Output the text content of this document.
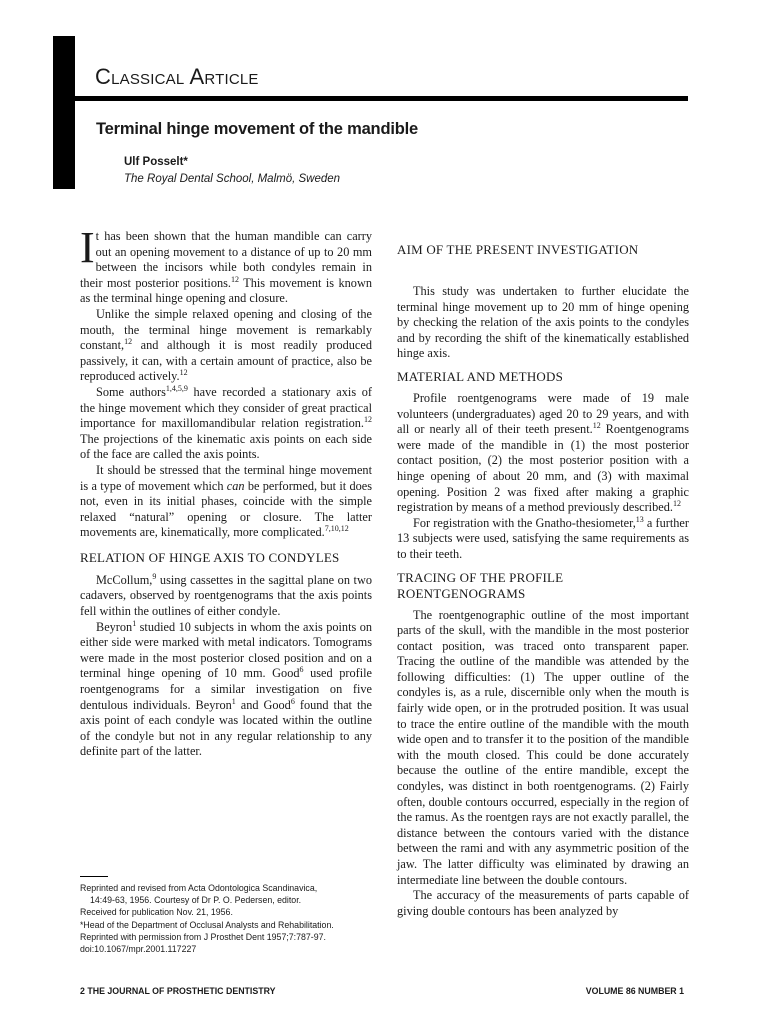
Classical Article
Terminal hinge movement of the mandible
Ulf Posselt*
The Royal Dental School, Malmö, Sweden

It has been shown that the human mandible can carry out an opening movement to a distance of up to 20 mm between the incisors while both condyles remain in their most posterior positions.$^{12}$ This movement is known as the terminal hinge opening and closure.

Unlike the simple relaxed opening and closing of the mouth, the terminal hinge movement is remarkably constant,$^{12}$ and although it is most readily produced passively, it can, with a certain amount of practice, also be reproduced actively.$^{12}$

Some authors$^{1,4,5,9}$ have recorded a stationary axis of the hinge movement which they consider of great practical importance for maxillomandibular relation registration.$^{12}$ The projections of the kinematic axis points on each side of the face are called the axis points.

It should be stressed that the terminal hinge movement is a type of movement which can be performed, but it does not, even in its initial phases, coincide with the simple relaxed “natural” opening or closure. The latter movements are, kinematically, more complicated.$^{7,10,12}$

RELATION OF HINGE AXIS TO CONDYLES

McCollum,$^9$ using cassettes in the sagittal plane on two cadavers, observed by roentgenograms that the axis points fell within the outlines of either condyle.

Beyron$^1$ studied 10 subjects in whom the axis points on either side were marked with metal indicators. Tomograms were made in the most posterior closed position and on a terminal hinge opening of 10 mm. Good$^6$ used profile roentgenograms for a similar investigation on five dentulous individuals. Beyron$^1$ and Good$^6$ found that the axis point of each condyle was located within the outline of the condyle but not in any regular relationship to any definite part of the latter.

AIM OF THE PRESENT INVESTIGATION

This study was undertaken to further elucidate the terminal hinge movement up to 20 mm of hinge opening by checking the relation of the axis points to the condyles and by recording the shift of the kinematically established hinge axis.

MATERIAL AND METHODS

Profile roentgenograms were made of 19 male volunteers (undergraduates) aged 20 to 29 years, and with all or nearly all of their teeth present.$^{12}$ Roentgenograms were made of the mandible in (1) the most posterior contact position, (2) the most posterior position with a hinge opening of about 20 mm, and (3) with maximal opening. Position 2 was fixed after making a graphic registration by means of a method previously described.$^{12}$

For registration with the Gnatho-thesiometer,$^{13}$ a further 13 subjects were used, satisfying the same requirements as to their teeth.

TRACING OF THE PROFILE ROENTGENOGRAMS

The roentgenographic outline of the most important parts of the skull, with the mandible in the most posterior contact position, was traced onto transparent paper. Tracing the outline of the mandible was attended by the following difficulties: (1) The upper outline of the condyles is, as a rule, discernible only when the mouth is fairly wide open, or in the protruded position. It was usual to trace the entire outline of the mandible with the mouth wide open and to transfer it to the position of the mandible with the mouth closed. This could be done accurately because the outline of the entire mandible, except the condyles, was distinct in both roentgenograms. (2) Fairly often, double contours occurred, especially in the region of the ramus. As the roentgen rays are not exactly parallel, the distance between the contours varied with the distance between the rami and with any asymmetric position of the jaw. The latter difficulty was eliminated by drawing an intermediate line between the double contours.

The accuracy of the measurements of parts capable of giving double contours has been analyzed by

Reprinted and revised from Acta Odontologica Scandinavica,
14:49-63, 1956. Courtesy of Dr P. O. Pedersen, editor.
Received for publication Nov. 21, 1956.
*Head of the Department of Occlusal Analysts and Rehabilitation.
Reprinted with permission from J Prosthet Dent 1957;7:787-97.
doi:10.1067/mpr.2001.117227
2 THE JOURNAL OF PROSTHETIC DENTISTRY	VOLUME 86 NUMBER 1
